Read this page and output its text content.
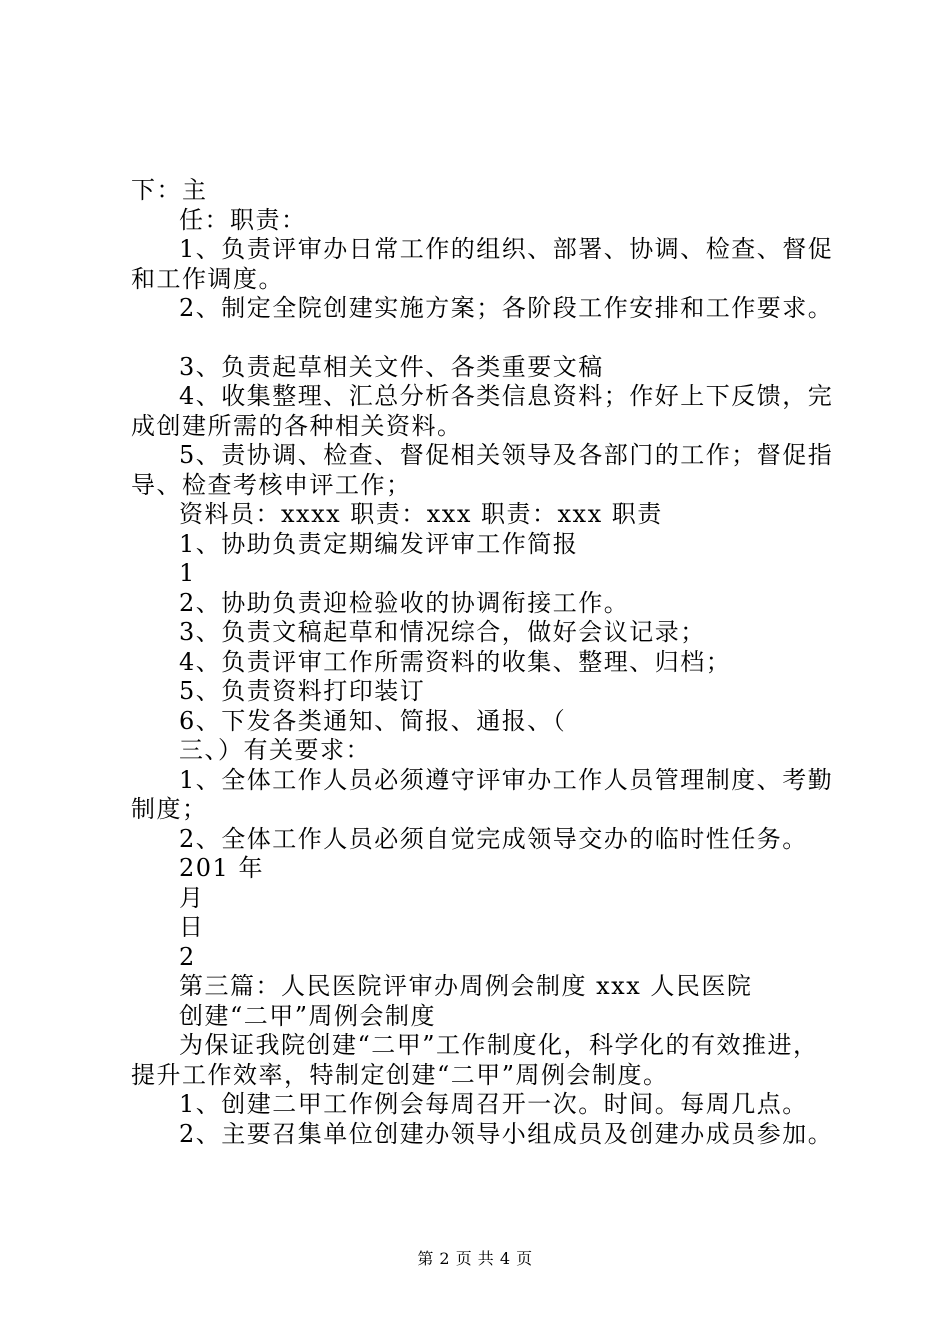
下：主
任：职责：
1、负责评审办日常工作的组织、部署、协调、检查、督促
和工作调度。
2、制定全院创建实施方案；各阶段工作安排和工作要求。
3、负责起草相关文件、各类重要文稿
4、收集整理、汇总分析各类信息资料；作好上下反馈，完
成创建所需的各种相关资料。
5、责协调、检查、督促相关领导及各部门的工作；督促指
导、检查考核申评工作；
资料员：xxxx 职责：xxx 职责：xxx 职责
1、协助负责定期编发评审工作简报
1
2、协助负责迎检验收的协调衔接工作。
3、负责文稿起草和情况综合，做好会议记录；
4、负责评审工作所需资料的收集、整理、归档；
5、负责资料打印装订
6、下发各类通知、简报、通报、（
三、）有关要求：
1、全体工作人员必须遵守评审办工作人员管理制度、考勤
制度；
2、全体工作人员必须自觉完成领导交办的临时性任务。
201 年
月
日
2
第三篇：人民医院评审办周例会制度 xxx 人民医院
创建“二甲”周例会制度
为保证我院创建“二甲”工作制度化，科学化的有效推进，
提升工作效率，特制定创建“二甲”周例会制度。
1、创建二甲工作例会每周召开一次。时间。每周几点。
2、主要召集单位创建办领导小组成员及创建办成员参加。
第 2 页 共 4 页
